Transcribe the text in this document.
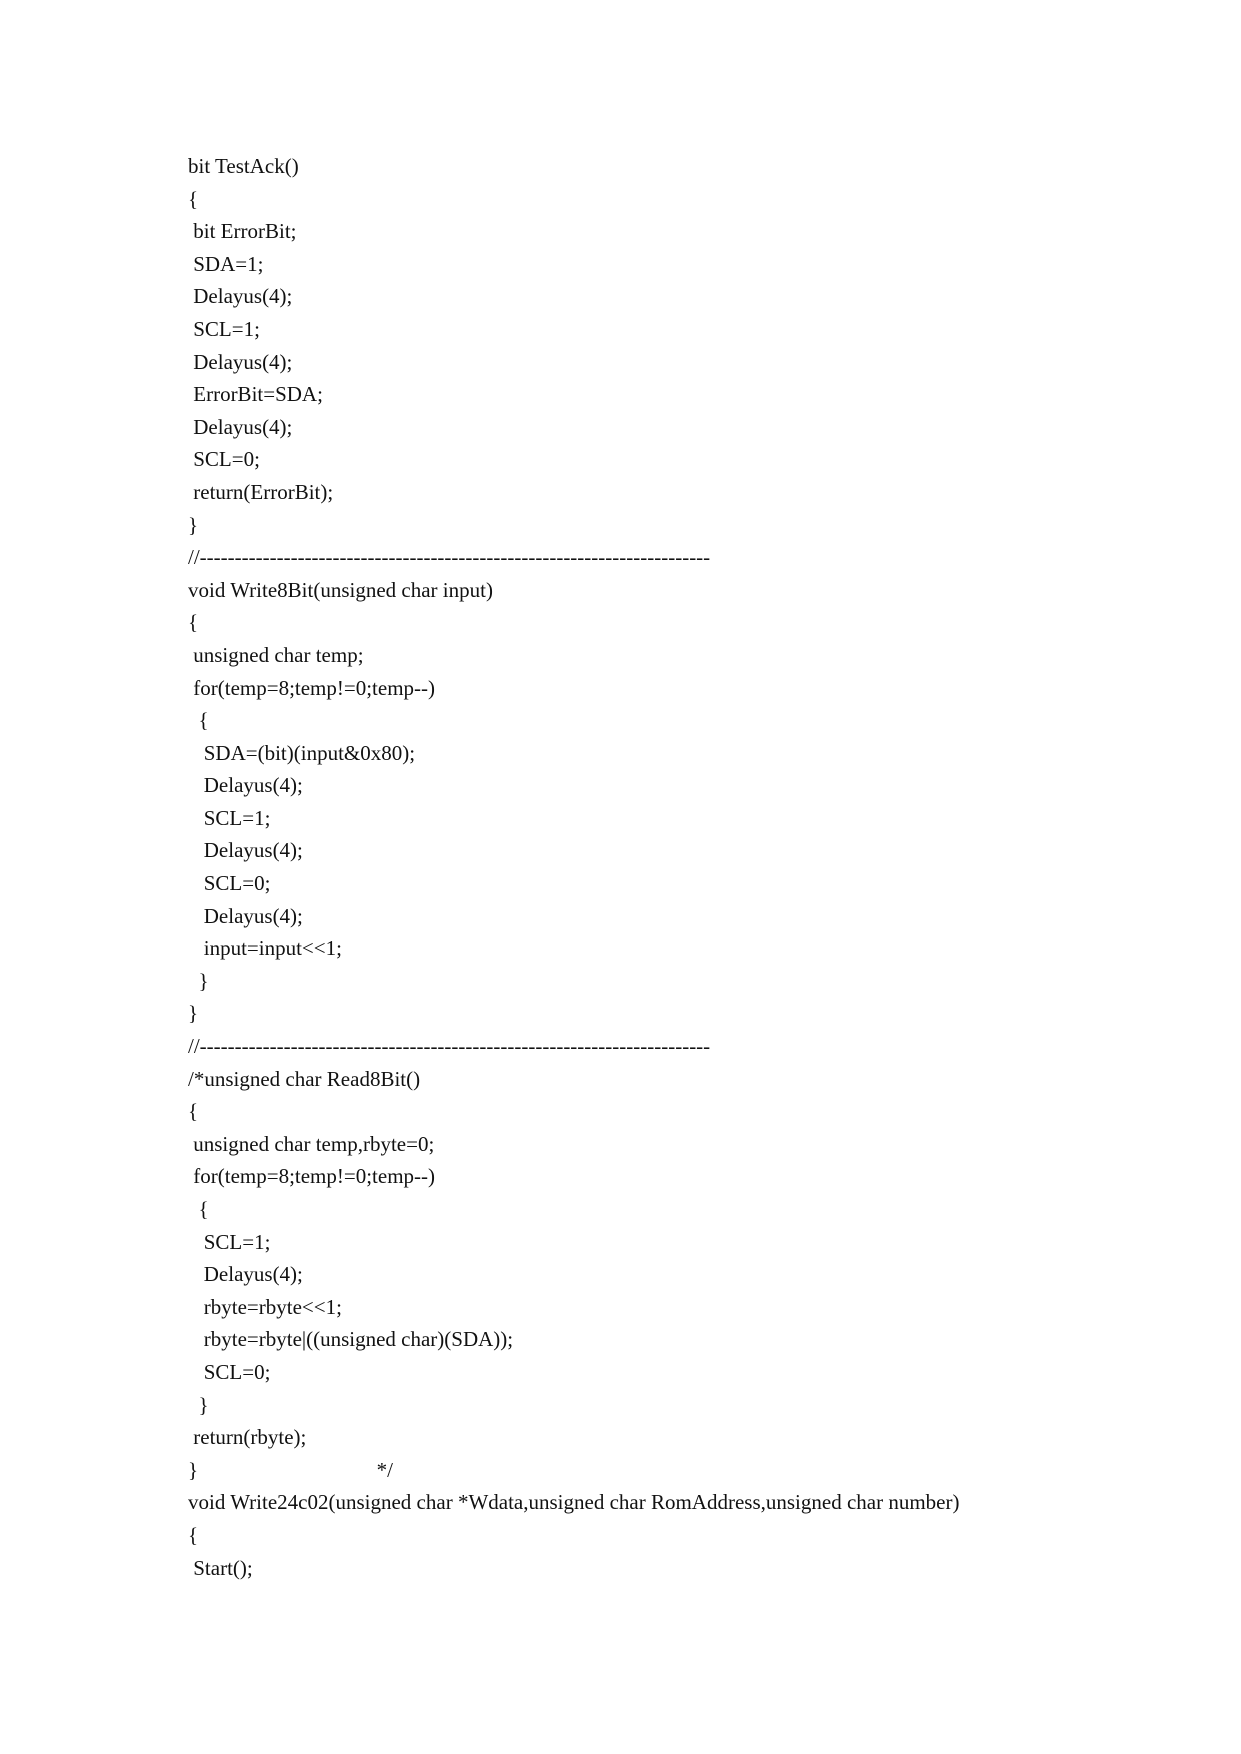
bit TestAck()
{
bit ErrorBit;
SDA=1;
Delayus(4);
SCL=1;
Delayus(4);
ErrorBit=SDA;
Delayus(4);
SCL=0;
return(ErrorBit);
}
//-------------------------------------------------------------------------
void Write8Bit(unsigned char input)
{
unsigned char temp;
for(temp=8;temp!=0;temp--)
{
SDA=(bit)(input&0x80);
Delayus(4);
SCL=1;
Delayus(4);
SCL=0;
Delayus(4);
input=input<<1;
}
}
//-------------------------------------------------------------------------
/*unsigned char Read8Bit()
{
unsigned char temp,rbyte=0;
for(temp=8;temp!=0;temp--)
{
SCL=1;
Delayus(4);
rbyte=rbyte<<1;
rbyte=rbyte|((unsigned char)(SDA));
SCL=0;
}
return(rbyte);
}                                  */
void Write24c02(unsigned char *Wdata,unsigned char RomAddress,unsigned char number)
{
Start();
